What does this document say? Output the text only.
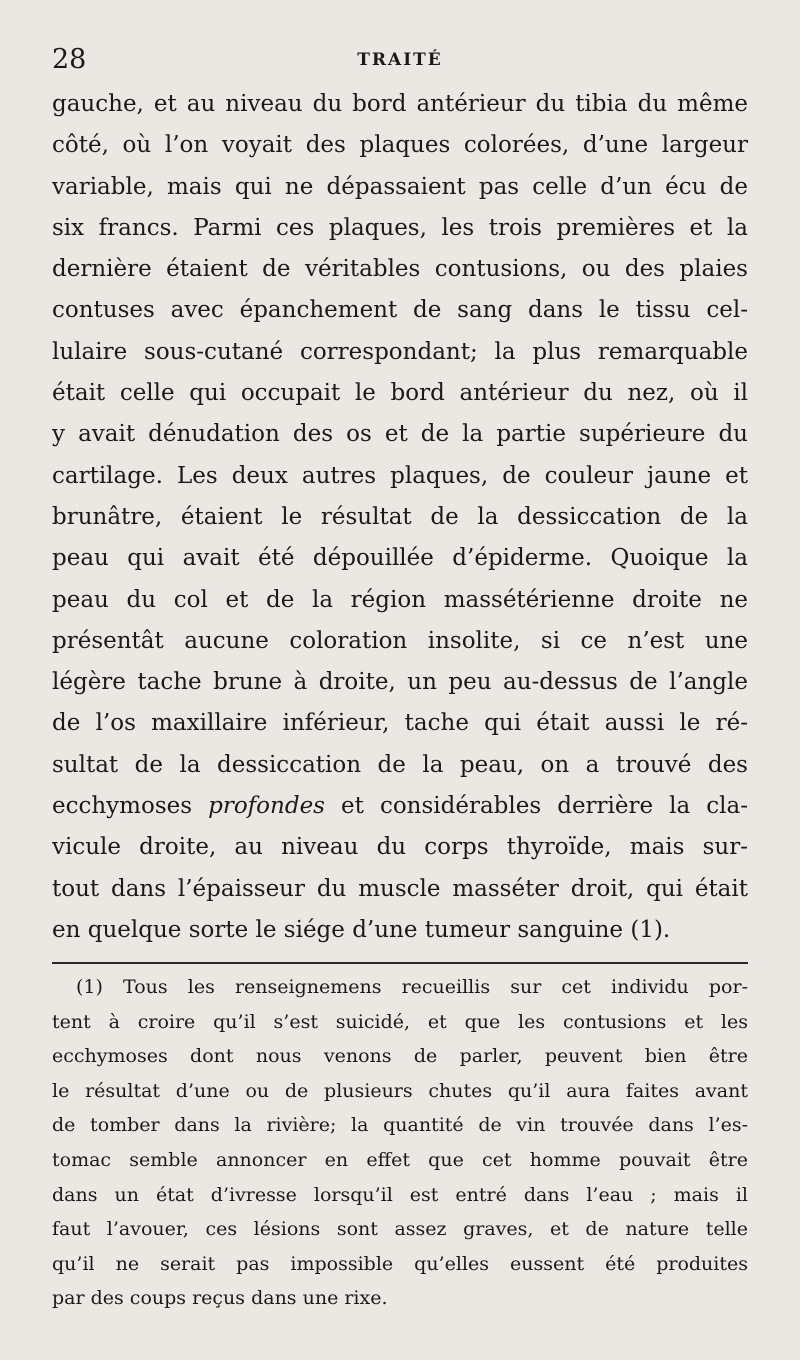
28	TRAITÉ
gauche, et au niveau du bord antérieur du tibia du même
côté, où l’on voyait des plaques colorées, d’une largeur
variable, mais qui ne dépassaient pas celle d’un écu de
six francs. Parmi ces plaques, les trois premières et la
dernière étaient de véritables contusions, ou des plaies
contuses avec épanchement de sang dans le tissu cel-
lulaire sous-cutané correspondant; la plus remarquable
était celle qui occupait le bord antérieur du nez, où il
y avait dénudation des os et de la partie supérieure du
cartilage. Les deux autres plaques, de couleur jaune et
brunâtre, étaient le résultat de la dessiccation de la
peau qui avait été dépouillée d’épiderme. Quoique la
peau du col et de la région massétérienne droite ne
présentât aucune coloration insolite, si ce n’est une
légère tache brune à droite, un peu au-dessus de l’angle
de l’os maxillaire inférieur, tache qui était aussi le ré-
sultat de la dessiccation de la peau, on a trouvé des
ecchymoses profondes et considérables derrière la cla-
vicule droite, au niveau du corps thyroïde, mais sur-
tout dans l’épaisseur du muscle masséter droit, qui était
en quelque sorte le siége d’une tumeur sanguine (1).
(1) Tous les renseignemens recueillis sur cet individu por-
tent à croire qu’il s’est suicidé, et que les contusions et les
ecchymoses dont nous venons de parler, peuvent bien être
le résultat d’une ou de plusieurs chutes qu’il aura faites avant
de tomber dans la rivière; la quantité de vin trouvée dans l’es-
tomac semble annoncer en effet que cet homme pouvait être
dans un état d’ivresse lorsqu’il est entré dans l’eau ; mais il
faut l’avouer, ces lésions sont assez graves, et de nature telle
qu’il ne serait pas impossible qu’elles eussent été produites
par des coups reçus dans une rixe.
